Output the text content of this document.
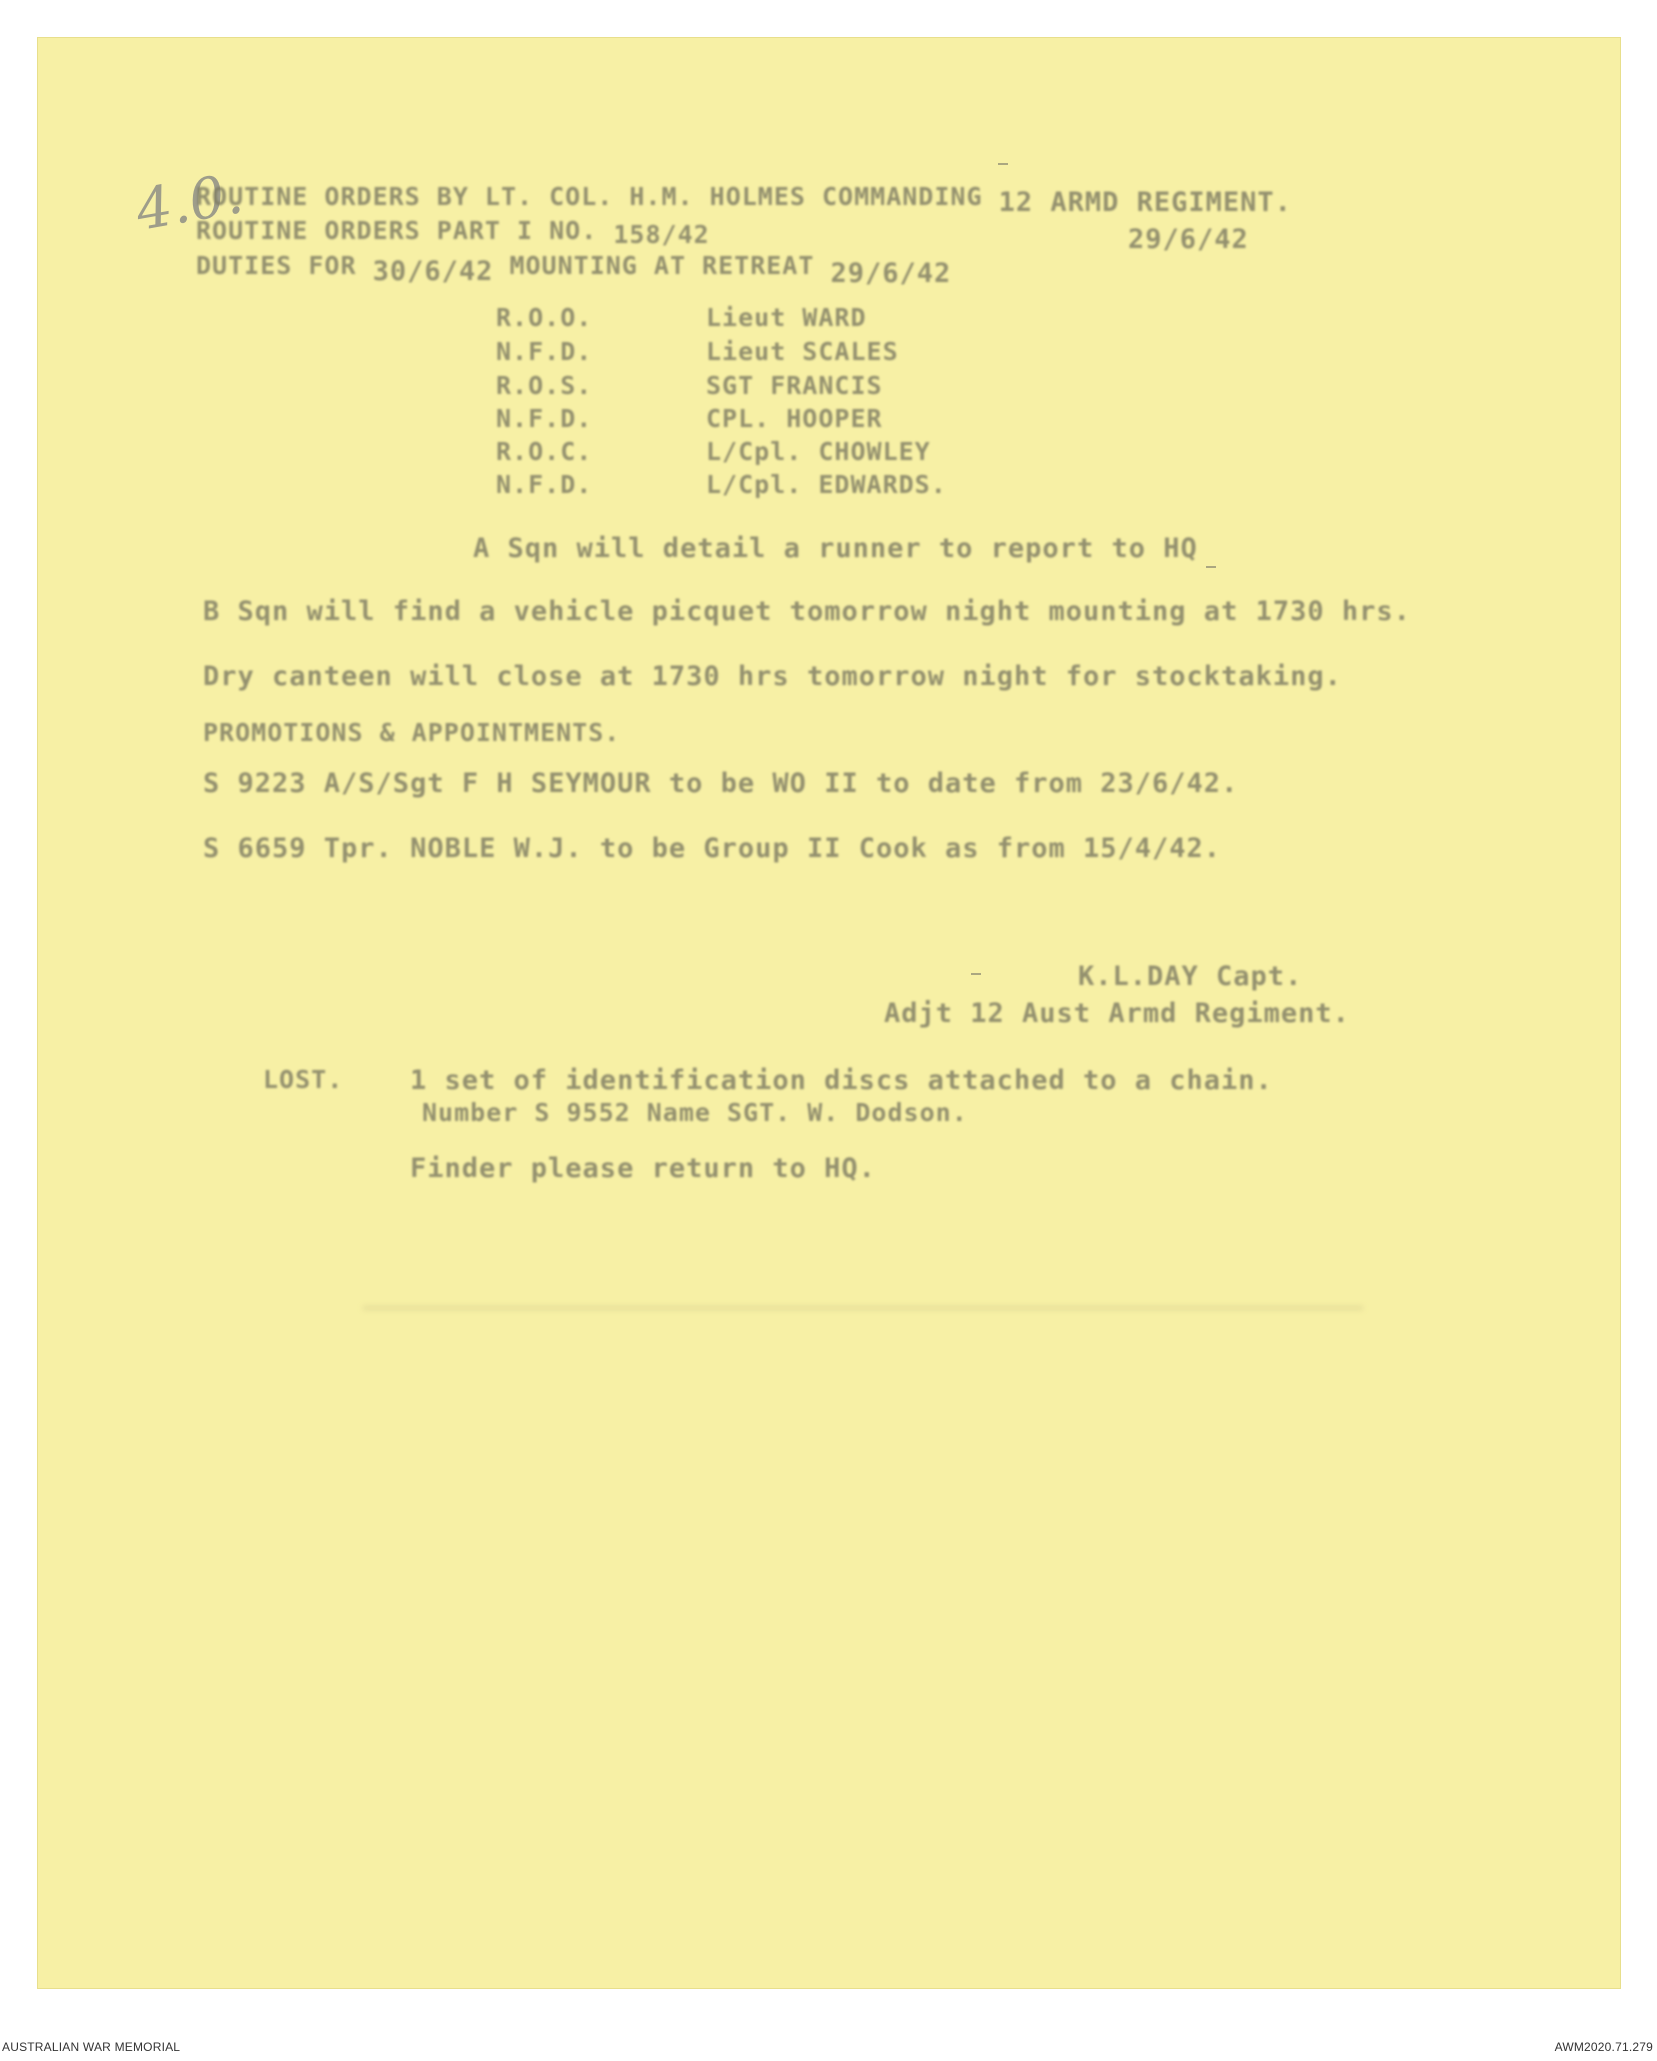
4.0.
ROUTINE ORDERS BY LT. COL. H.M. HOLMES COMMANDING 12 ARMD REGIMENT.
ROUTINE ORDERS PART I NO. 158/42	29/6/42
DUTIES FOR 30/6/42 MOUNTING AT RETREAT 29/6/42
R.O.O.	Lieut WARD
N.F.D.	Lieut SCALES
R.O.S.	SGT FRANCIS
N.F.D.	CPL. HOOPER
R.O.C.	L/Cpl. CHOWLEY
N.F.D.	L/Cpl. EDWARDS.
A Sqn will detail a runner to report to HQ
B Sqn will find a vehicle picquet tomorrow night mounting at 1730 hrs.
Dry canteen will close at 1730 hrs tomorrow night for stocktaking.
PROMOTIONS & APPOINTMENTS.
S 9223 A/S/Sgt F H SEYMOUR to be WO II to date from 23/6/42.
S 6659 Tpr. NOBLE W.J. to be Group II Cook as from 15/4/42.
K.L.DAY Capt.
Adjt 12 Aust Armd Regiment.
LOST. 1 set of identification discs attached to a chain.
Number S 9552 Name SGT. W. Dodson.
Finder please return to HQ.
AUSTRALIAN WAR MEMORIAL	AWM2020.71.279
